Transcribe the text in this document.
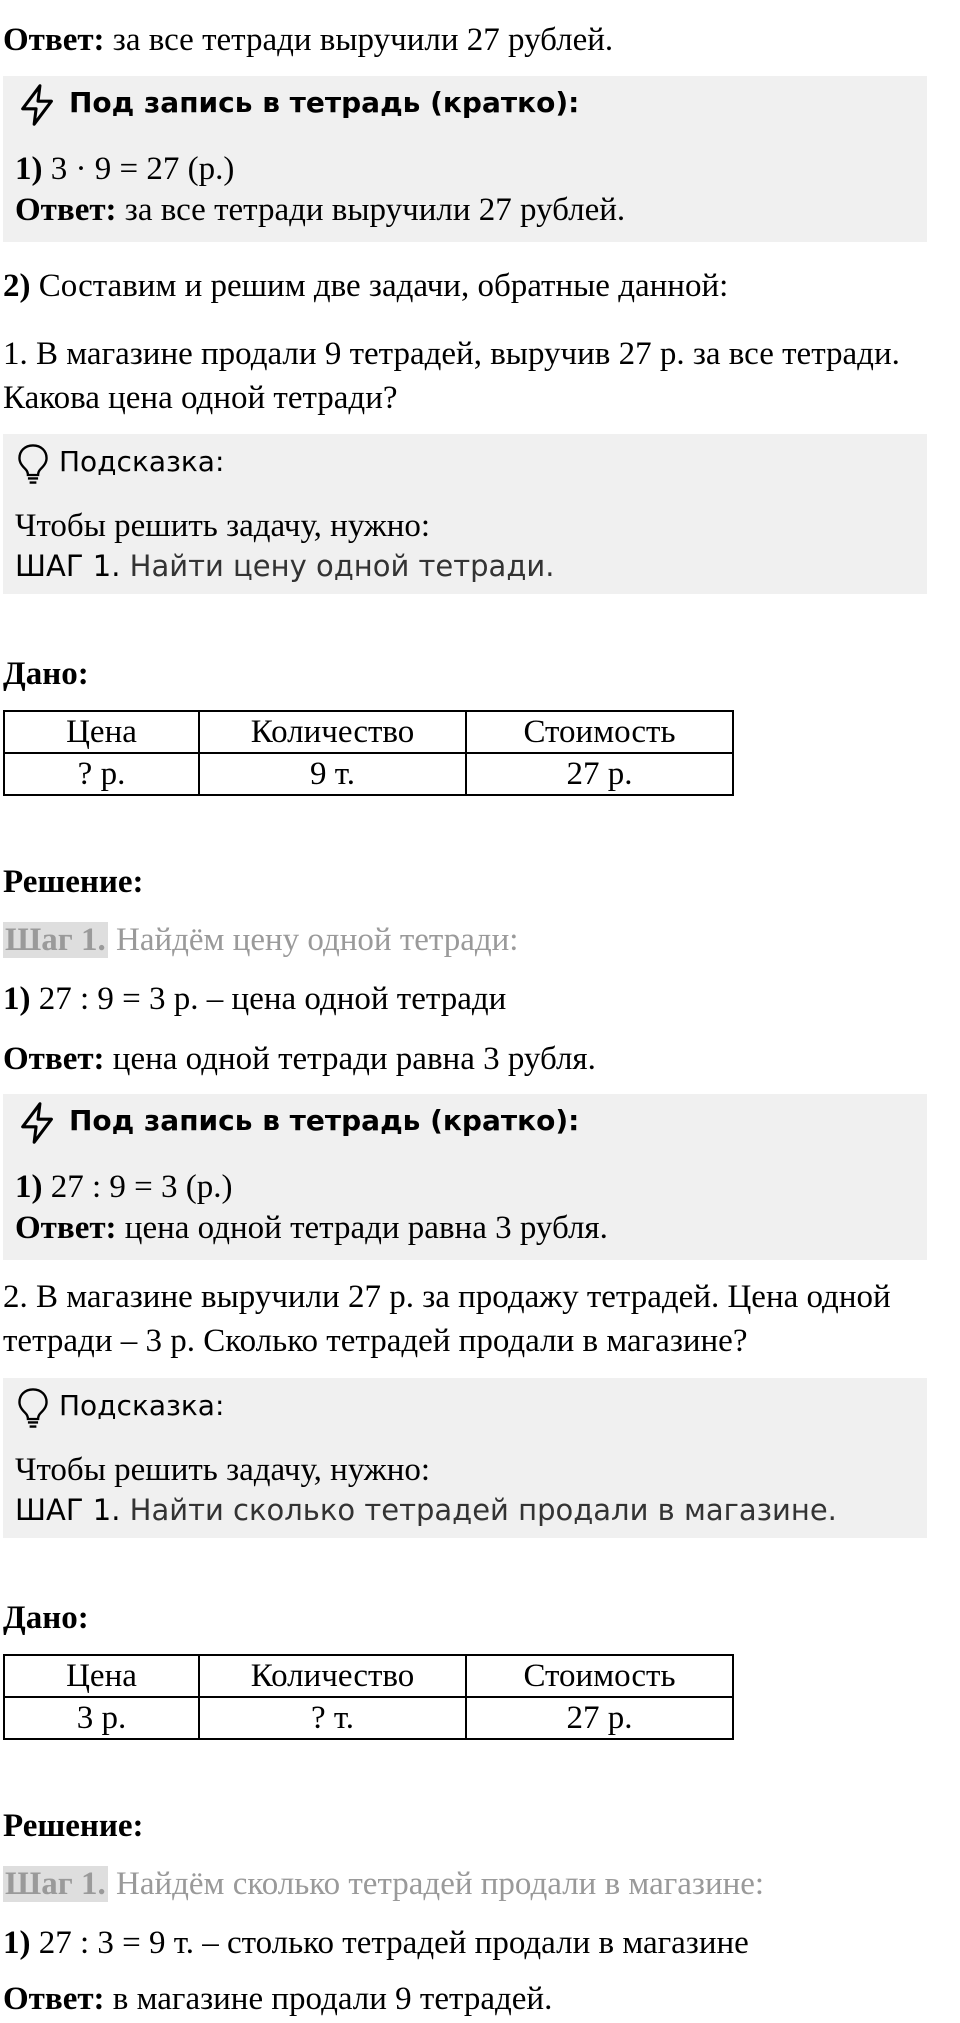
Ответ: за все тетради выручили 27 рублей.
Под запись в тетрадь (кратко):
1) 3 · 9 = 27 (р.)
Ответ: за все тетради выручили 27 рублей.
2) Составим и решим две задачи, обратные данной:
1. В магазине продали 9 тетрадей, выручив 27 р. за все тетради.
Какова цена одной тетради?
Подсказка:
Чтобы решить задачу, нужно:
ШАГ 1. Найти цену одной тетради.
Дано:
Цена	Количество	Стоимость
? р.	9 т.	27 р.
Решение:
Шаг 1. Найдём цену одной тетради:
1) 27 : 9 = 3 р. – цена одной тетради
Ответ: цена одной тетради равна 3 рубля.
Под запись в тетрадь (кратко):
1) 27 : 9 = 3 (р.)
Ответ: цена одной тетради равна 3 рубля.
2. В магазине выручили 27 р. за продажу тетрадей. Цена одной
тетради – 3 р. Сколько тетрадей продали в магазине?
Подсказка:
Чтобы решить задачу, нужно:
ШАГ 1. Найти сколько тетрадей продали в магазине.
Дано:
Цена	Количество	Стоимость
3 р.	? т.	27 р.
Решение:
Шаг 1. Найдём сколько тетрадей продали в магазине:
1) 27 : 3 = 9 т. – столько тетрадей продали в магазине
Ответ: в магазине продали 9 тетрадей.
